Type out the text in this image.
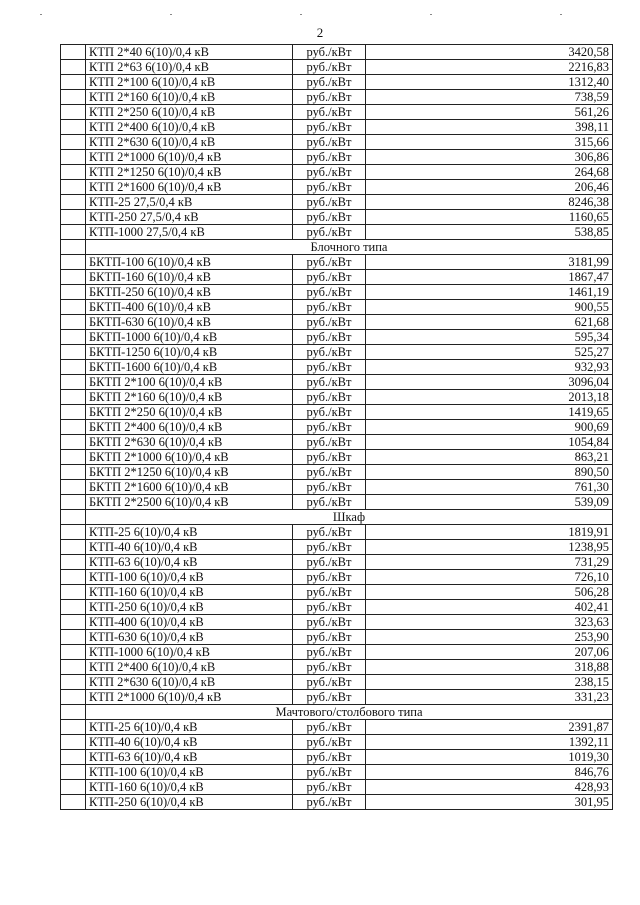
2
	КТП 2*40 6(10)/0,4 кВ	руб./кВт	3420,58
	КТП 2*63 6(10)/0,4 кВ	руб./кВт	2216,83
	КТП 2*100 6(10)/0,4 кВ	руб./кВт	1312,40
	КТП 2*160 6(10)/0,4 кВ	руб./кВт	738,59
	КТП 2*250 6(10)/0,4 кВ	руб./кВт	561,26
	КТП 2*400 6(10)/0,4 кВ	руб./кВт	398,11
	КТП 2*630 6(10)/0,4 кВ	руб./кВт	315,66
	КТП 2*1000 6(10)/0,4 кВ	руб./кВт	306,86
	КТП 2*1250 6(10)/0,4 кВ	руб./кВт	264,68
	КТП 2*1600 6(10)/0,4 кВ	руб./кВт	206,46
	КТП-25 27,5/0,4 кВ	руб./кВт	8246,38
	КТП-250 27,5/0,4 кВ	руб./кВт	1160,65
	КТП-1000 27,5/0,4 кВ	руб./кВт	538,85
	Блочного типа		
	БКТП-100 6(10)/0,4 кВ	руб./кВт	3181,99
	БКТП-160 6(10)/0,4 кВ	руб./кВт	1867,47
	БКТП-250 6(10)/0,4 кВ	руб./кВт	1461,19
	БКТП-400 6(10)/0,4 кВ	руб./кВт	900,55
	БКТП-630 6(10)/0,4 кВ	руб./кВт	621,68
	БКТП-1000 6(10)/0,4 кВ	руб./кВт	595,34
	БКТП-1250 6(10)/0,4 кВ	руб./кВт	525,27
	БКТП-1600 6(10)/0,4 кВ	руб./кВт	932,93
	БКТП 2*100 6(10)/0,4 кВ	руб./кВт	3096,04
	БКТП 2*160 6(10)/0,4 кВ	руб./кВт	2013,18
	БКТП 2*250 6(10)/0,4 кВ	руб./кВт	1419,65
	БКТП 2*400 6(10)/0,4 кВ	руб./кВт	900,69
	БКТП 2*630 6(10)/0,4 кВ	руб./кВт	1054,84
	БКТП 2*1000 6(10)/0,4 кВ	руб./кВт	863,21
	БКТП 2*1250 6(10)/0,4 кВ	руб./кВт	890,50
	БКТП 2*1600 6(10)/0,4 кВ	руб./кВт	761,30
	БКТП 2*2500 6(10)/0,4 кВ	руб./кВт	539,09
	Шкаф		
	КТП-25 6(10)/0,4 кВ	руб./кВт	1819,91
	КТП-40 6(10)/0,4 кВ	руб./кВт	1238,95
	КТП-63 6(10)/0,4 кВ	руб./кВт	731,29
	КТП-100 6(10)/0,4 кВ	руб./кВт	726,10
	КТП-160 6(10)/0,4 кВ	руб./кВт	506,28
	КТП-250 6(10)/0,4 кВ	руб./кВт	402,41
	КТП-400 6(10)/0,4 кВ	руб./кВт	323,63
	КТП-630 6(10)/0,4 кВ	руб./кВт	253,90
	КТП-1000 6(10)/0,4 кВ	руб./кВт	207,06
	КТП 2*400 6(10)/0,4 кВ	руб./кВт	318,88
	КТП 2*630 6(10)/0,4 кВ	руб./кВт	238,15
	КТП 2*1000 6(10)/0,4 кВ	руб./кВт	331,23
	Мачтового/столбового типа		
	КТП-25 6(10)/0,4 кВ	руб./кВт	2391,87
	КТП-40 6(10)/0,4 кВ	руб./кВт	1392,11
	КТП-63 6(10)/0,4 кВ	руб./кВт	1019,30
	КТП-100 6(10)/0,4 кВ	руб./кВт	846,76
	КТП-160 6(10)/0,4 кВ	руб./кВт	428,93
	КТП-250 6(10)/0,4 кВ	руб./кВт	301,95
